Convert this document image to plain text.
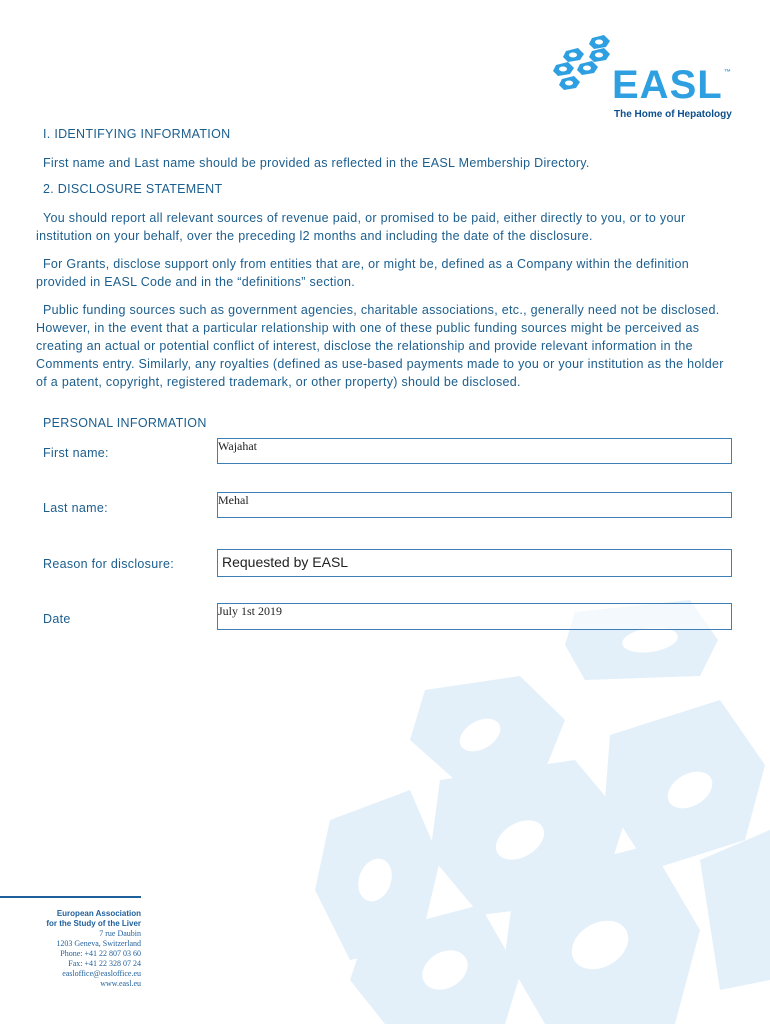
EASL ™
The Home of Hepatology
I. IDENTIFYING INFORMATION
First name and Last name should be provided as reflected in the EASL Membership Directory.
2. DISCLOSURE STATEMENT
You should report all relevant sources of revenue paid, or promised to be paid, either directly to you, or to your institution on your behalf, over the preceding l2 months and including the date of the disclosure.
For Grants, disclose support only from entities that are, or might be, defined as a Company within the definition provided in EASL Code and in the “definitions” section.
Public funding sources such as government agencies, charitable associations, etc., generally need not be disclosed. However, in the event that a particular relationship with one of these public funding sources might be perceived as creating an actual or potential conflict of interest, disclose the relationship and provide relevant information in the Comments entry. Similarly, any royalties (defined as use-based payments made to you or your institution as the holder of a patent, copyright, registered trademark, or other property) should be disclosed.
PERSONAL INFORMATION
First name:
Last name:
Reason for disclosure:
Date
Wajahat
Mehal
Requested by EASL
July 1st 2019
European Association
for the Study of the Liver
7 rue Daubin
1203 Geneva, Switzerland
Phone: +41 22 807 03 60
Fax: +41 22 328 07 24
easloffice@easloffice.eu
www.easl.eu
